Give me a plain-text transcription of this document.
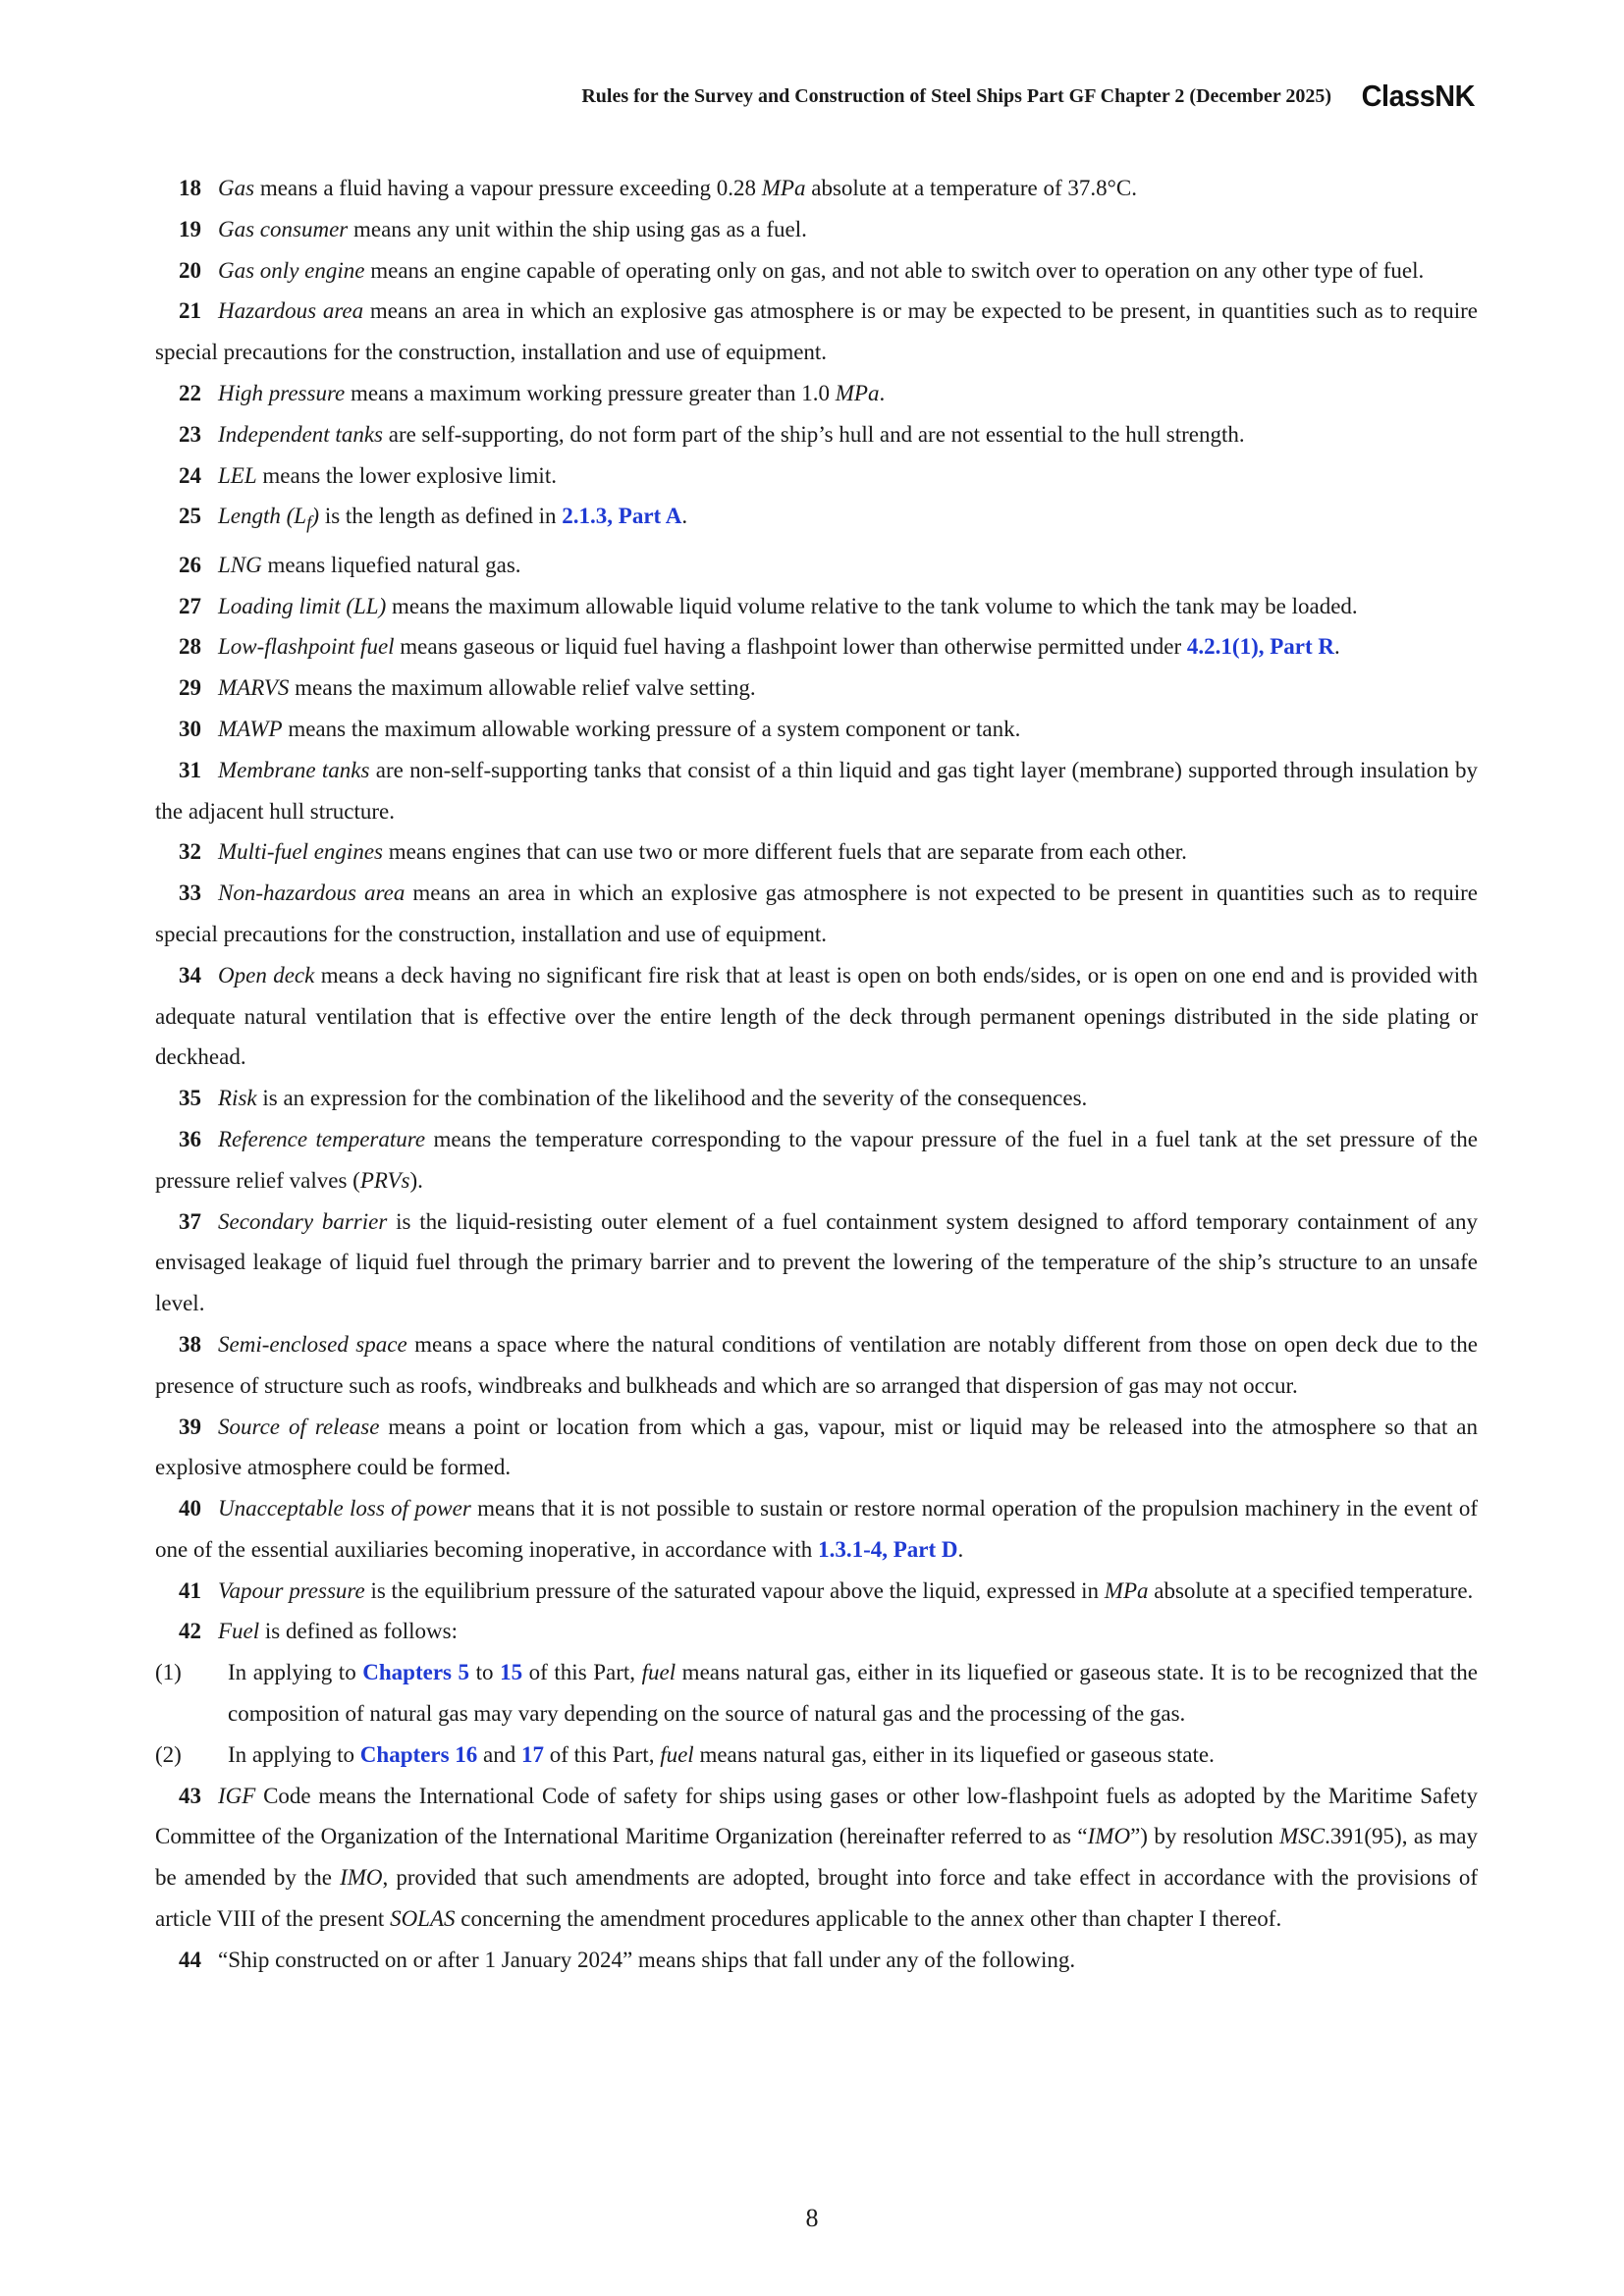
Rules for the Survey and Construction of Steel Ships Part GF Chapter 2 (December 2025) ClassNK

18 Gas means a fluid having a vapour pressure exceeding 0.28 MPa absolute at a temperature of 37.8°C.

19 Gas consumer means any unit within the ship using gas as a fuel.

20 Gas only engine means an engine capable of operating only on gas, and not able to switch over to operation on any other type of fuel.

21 Hazardous area means an area in which an explosive gas atmosphere is or may be expected to be present, in quantities such as to require special precautions for the construction, installation and use of equipment.

22 High pressure means a maximum working pressure greater than 1.0 MPa.

23 Independent tanks are self-supporting, do not form part of the ship’s hull and are not essential to the hull strength.

24 LEL means the lower explosive limit.

25 Length $(L_f)$ is the length as defined in 2.1.3, Part A.

26 LNG means liquefied natural gas.

27 Loading limit (LL) means the maximum allowable liquid volume relative to the tank volume to which the tank may be loaded.

28 Low-flashpoint fuel means gaseous or liquid fuel having a flashpoint lower than otherwise permitted under 4.2.1(1), Part R.

29 MARVS means the maximum allowable relief valve setting.

30 MAWP means the maximum allowable working pressure of a system component or tank.

31 Membrane tanks are non-self-supporting tanks that consist of a thin liquid and gas tight layer (membrane) supported through insulation by the adjacent hull structure.

32 Multi-fuel engines means engines that can use two or more different fuels that are separate from each other.

33 Non-hazardous area means an area in which an explosive gas atmosphere is not expected to be present in quantities such as to require special precautions for the construction, installation and use of equipment.

34 Open deck means a deck having no significant fire risk that at least is open on both ends/sides, or is open on one end and is provided with adequate natural ventilation that is effective over the entire length of the deck through permanent openings distributed in the side plating or deckhead.

35 Risk is an expression for the combination of the likelihood and the severity of the consequences.

36 Reference temperature means the temperature corresponding to the vapour pressure of the fuel in a fuel tank at the set pressure of the pressure relief valves (PRVs).

37 Secondary barrier is the liquid-resisting outer element of a fuel containment system designed to afford temporary containment of any envisaged leakage of liquid fuel through the primary barrier and to prevent the lowering of the temperature of the ship’s structure to an unsafe level.

38 Semi-enclosed space means a space where the natural conditions of ventilation are notably different from those on open deck due to the presence of structure such as roofs, windbreaks and bulkheads and which are so arranged that dispersion of gas may not occur.

39 Source of release means a point or location from which a gas, vapour, mist or liquid may be released into the atmosphere so that an explosive atmosphere could be formed.

40 Unacceptable loss of power means that it is not possible to sustain or restore normal operation of the propulsion machinery in the event of one of the essential auxiliaries becoming inoperative, in accordance with 1.3.1-4, Part D.

41 Vapour pressure is the equilibrium pressure of the saturated vapour above the liquid, expressed in MPa absolute at a specified temperature.

42 Fuel is defined as follows:

(1) In applying to Chapters 5 to 15 of this Part, fuel means natural gas, either in its liquefied or gaseous state. It is to be recognized that the composition of natural gas may vary depending on the source of natural gas and the processing of the gas.

(2) In applying to Chapters 16 and 17 of this Part, fuel means natural gas, either in its liquefied or gaseous state.

43 IGF Code means the International Code of safety for ships using gases or other low-flashpoint fuels as adopted by the Maritime Safety Committee of the Organization of the International Maritime Organization (hereinafter referred to as “IMO”) by resolution MSC.391(95), as may be amended by the IMO, provided that such amendments are adopted, brought into force and take effect in accordance with the provisions of article VIII of the present SOLAS concerning the amendment procedures applicable to the annex other than chapter I thereof.

44 “Ship constructed on or after 1 January 2024” means ships that fall under any of the following.

8
